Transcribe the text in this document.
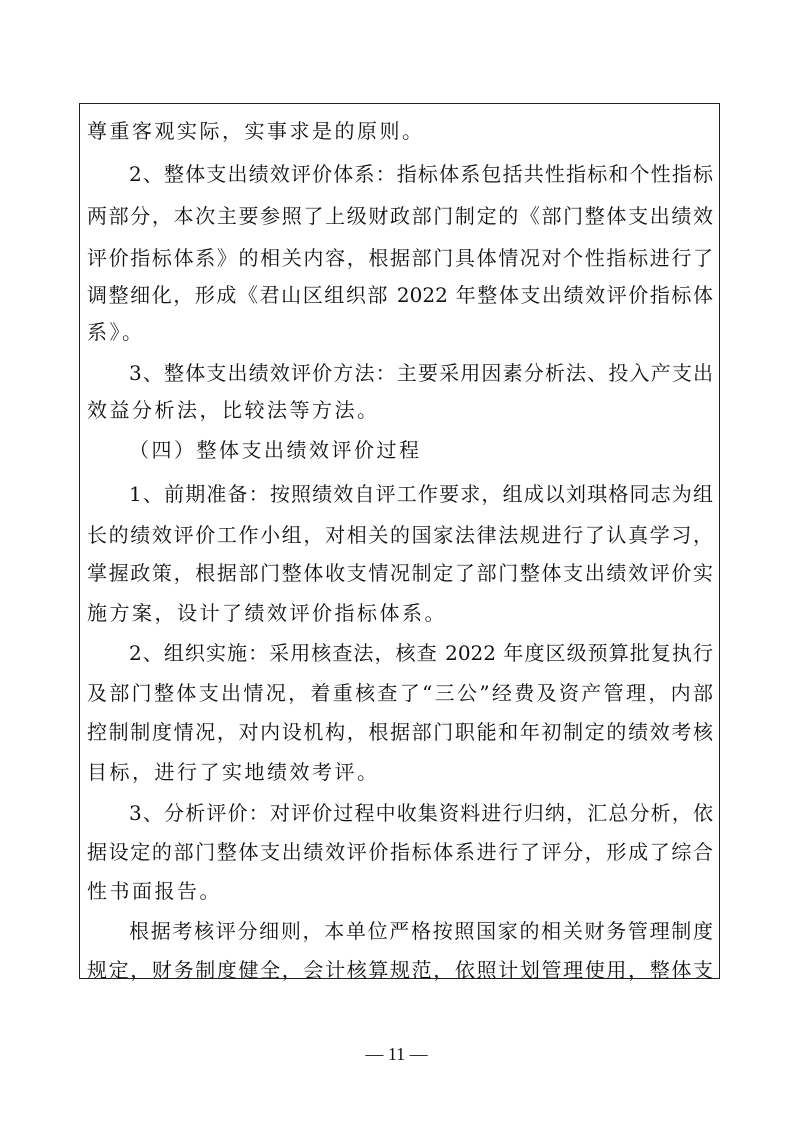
尊重客观实际，实事求是的原则。
2、整体支出绩效评价体系：指标体系包括共性指标和个性指标
两部分，本次主要参照了上级财政部门制定的《部门整体支出绩效
评价指标体系》的相关内容，根据部门具体情况对个性指标进行了
调整细化，形成《君山区组织部 2022 年整体支出绩效评价指标体
系》。
3、整体支出绩效评价方法：主要采用因素分析法、投入产支出
效益分析法，比较法等方法。
（四）整体支出绩效评价过程
1、前期准备：按照绩效自评工作要求，组成以刘琪格同志为组
长的绩效评价工作小组，对相关的国家法律法规进行了认真学习，
掌握政策，根据部门整体收支情况制定了部门整体支出绩效评价实
施方案，设计了绩效评价指标体系。
2、组织实施：采用核查法，核查 2022 年度区级预算批复执行
及部门整体支出情况，着重核查了“三公”经费及资产管理，内部
控制制度情况，对内设机构，根据部门职能和年初制定的绩效考核
目标，进行了实地绩效考评。
3、分析评价：对评价过程中收集资料进行归纳，汇总分析，依
据设定的部门整体支出绩效评价指标体系进行了评分，形成了综合
性书面报告。
根据考核评分细则，本单位严格按照国家的相关财务管理制度
规定，财务制度健全，会计核算规范，依照计划管理使用，整体支
— 11 —
